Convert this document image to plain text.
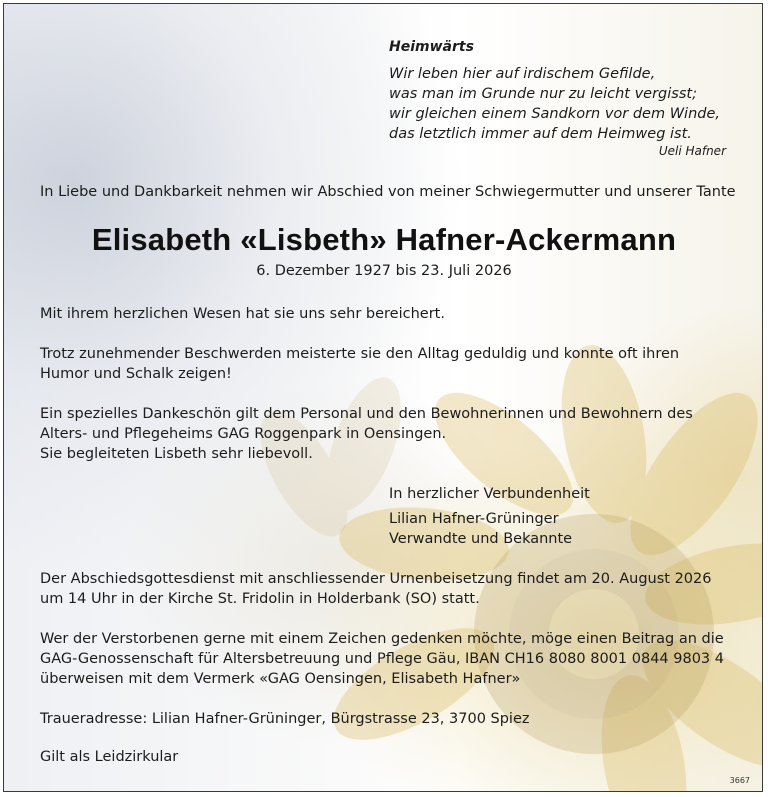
Heimwärts
Wir leben hier auf irdischem Gefilde,
was man im Grunde nur zu leicht vergisst;
wir gleichen einem Sandkorn vor dem Winde,
das letztlich immer auf dem Heimweg ist.
Ueli Hafner
In Liebe und Dankbarkeit nehmen wir Abschied von meiner Schwiegermutter und unserer Tante
Elisabeth «Lisbeth» Hafner-Ackermann
6. Dezember 1927 bis 23. Juli 2026
Mit ihrem herzlichen Wesen hat sie uns sehr bereichert.
Trotz zunehmender Beschwerden meisterte sie den Alltag geduldig und konnte oft ihren
Humor und Schalk zeigen!
Ein spezielles Dankeschön gilt dem Personal und den Bewohnerinnen und Bewohnern des
Alters- und Pflegeheims GAG Roggenpark in Oensingen.
Sie begleiteten Lisbeth sehr liebevoll.
In herzlicher Verbundenheit
Lilian Hafner-Grüninger
Verwandte und Bekannte
Der Abschiedsgottesdienst mit anschliessender Urnenbeisetzung findet am 20. August 2026
um 14 Uhr in der Kirche St. Fridolin in Holderbank (SO) statt.
Wer der Verstorbenen gerne mit einem Zeichen gedenken möchte, möge einen Beitrag an die
GAG-Genossenschaft für Altersbetreuung und Pflege Gäu, IBAN CH16 8080 8001 0844 9803 4
überweisen mit dem Vermerk «GAG Oensingen, Elisabeth Hafner»
Traueradresse: Lilian Hafner-Grüninger, Bürgstrasse 23, 3700 Spiez
Gilt als Leidzirkular
3667
